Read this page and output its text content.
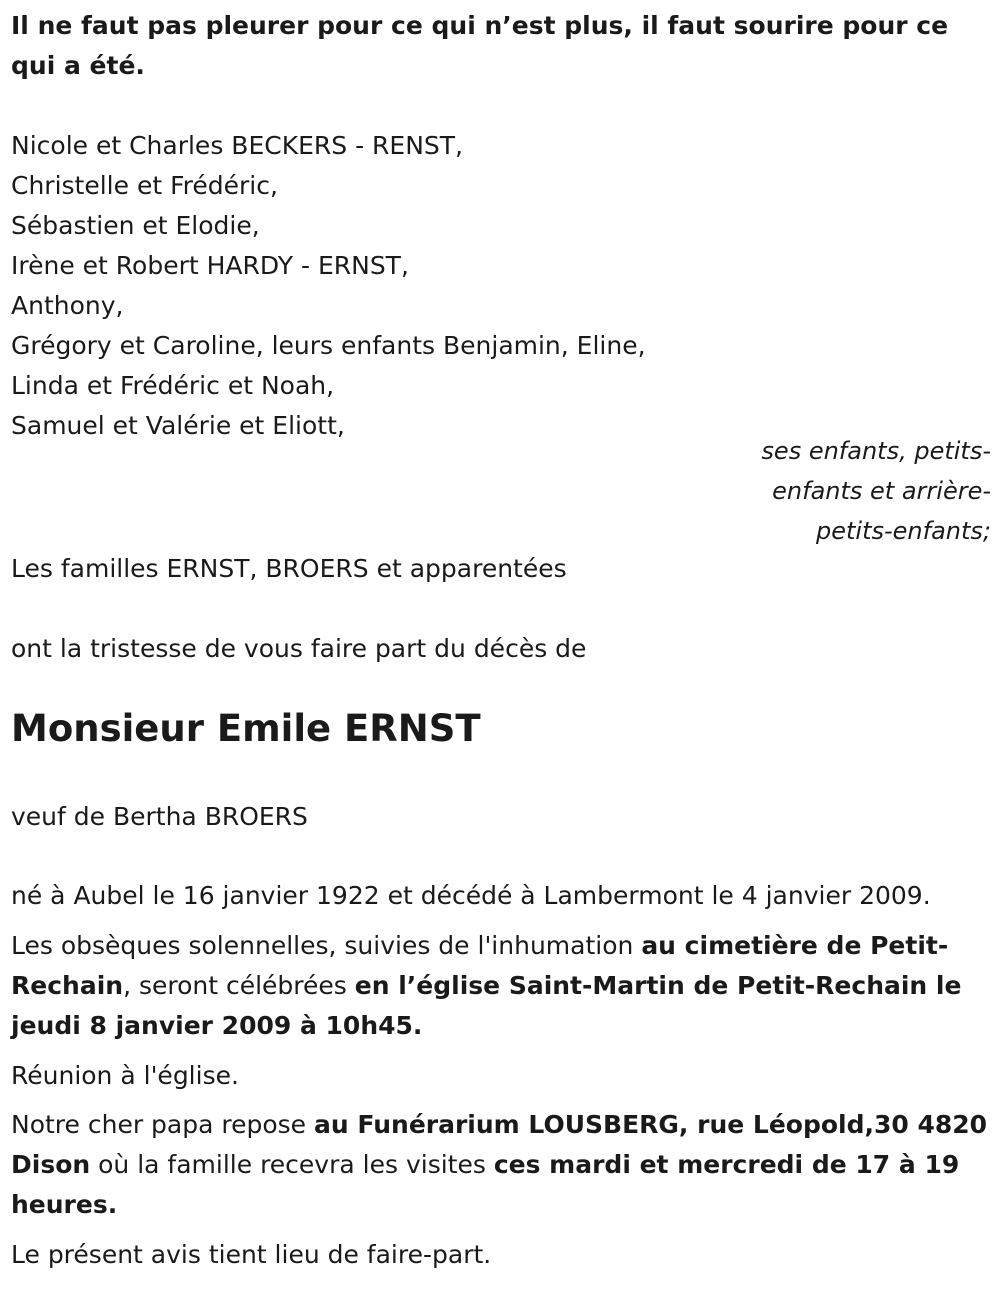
Il ne faut pas pleurer pour ce qui n’est plus, il faut sourire pour ce qui a été.

Nicole et Charles BECKERS - RENST,
Christelle et Frédéric,
Sébastien et Elodie,
Irène et Robert HARDY - ERNST,
Anthony,
Grégory et Caroline, leurs enfants Benjamin, Eline,
Linda et Frédéric et Noah,
Samuel et Valérie et Eliott,

ses enfants, petits-enfants et arrière-petits-enfants;

Les familles ERNST, BROERS et apparentées

ont la tristesse de vous faire part du décès de

Monsieur Emile ERNST

veuf de Bertha BROERS

né à Aubel le 16 janvier 1922 et décédé à Lambermont le 4 janvier 2009.

Les obsèques solennelles, suivies de l'inhumation au cimetière de Petit-Rechain, seront célébrées en l’église Saint-Martin de Petit-Rechain le jeudi 8 janvier 2009 à 10h45.

Réunion à l'église.

Notre cher papa repose au Funérarium LOUSBERG, rue Léopold,30 4820 Dison où la famille recevra les visites ces mardi et mercredi de 17 à 19 heures.

Le présent avis tient lieu de faire-part.
